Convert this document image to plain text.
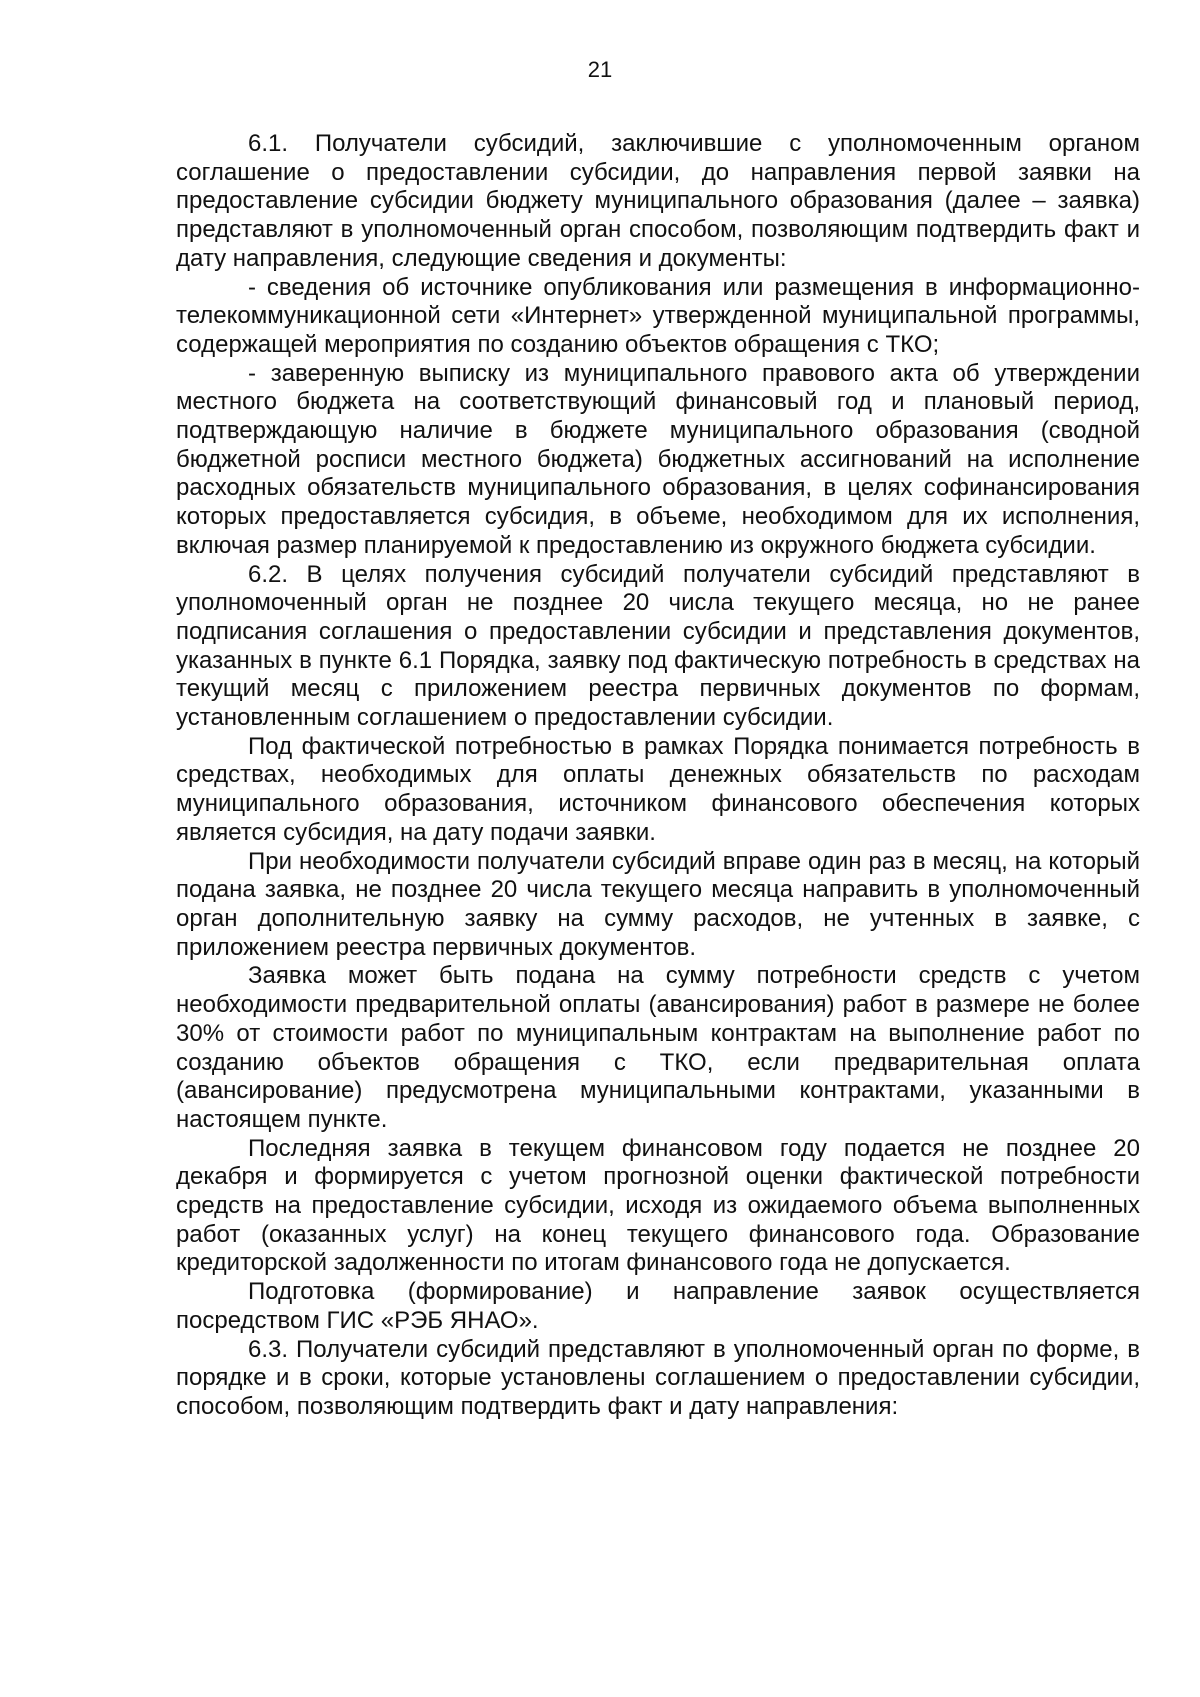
21

6.1. Получатели субсидий, заключившие с уполномоченным органом соглашение о предоставлении субсидии, до направления первой заявки на предоставление субсидии бюджету муниципального образования (далее – заявка) представляют в уполномоченный орган способом, позволяющим подтвердить факт и дату направления, следующие сведения и документы:

- сведения об источнике опубликования или размещения в информационно-телекоммуникационной сети «Интернет» утвержденной муниципальной программы, содержащей мероприятия по созданию объектов обращения с ТКО;

- заверенную выписку из муниципального правового акта об утверждении местного бюджета на соответствующий финансовый год и плановый период, подтверждающую наличие в бюджете муниципального образования (сводной бюджетной росписи местного бюджета) бюджетных ассигнований на исполнение расходных обязательств муниципального образования, в целях софинансирования которых предоставляется субсидия, в объеме, необходимом для их исполнения, включая размер планируемой к предоставлению из окружного бюджета субсидии.

6.2. В целях получения субсидий получатели субсидий представляют в уполномоченный орган не позднее 20 числа текущего месяца, но не ранее подписания соглашения о предоставлении субсидии и представления документов, указанных в пункте 6.1 Порядка, заявку под фактическую потребность в средствах на текущий месяц с приложением реестра первичных документов по формам, установленным соглашением о предоставлении субсидии.

Под фактической потребностью в рамках Порядка понимается потребность в средствах, необходимых для оплаты денежных обязательств по расходам муниципального образования, источником финансового обеспечения которых является субсидия, на дату подачи заявки.

При необходимости получатели субсидий вправе один раз в месяц, на который подана заявка, не позднее 20 числа текущего месяца направить в уполномоченный орган дополнительную заявку на сумму расходов, не учтенных в заявке, с приложением реестра первичных документов.

Заявка может быть подана на сумму потребности средств с учетом необходимости предварительной оплаты (авансирования) работ в размере не более 30% от стоимости работ по муниципальным контрактам на выполнение работ по созданию объектов обращения с ТКО, если предварительная оплата (авансирование) предусмотрена муниципальными контрактами, указанными в настоящем пункте.

Последняя заявка в текущем финансовом году подается не позднее 20 декабря и формируется с учетом прогнозной оценки фактической потребности средств на предоставление субсидии, исходя из ожидаемого объема выполненных работ (оказанных услуг) на конец текущего финансового года. Образование кредиторской задолженности по итогам финансового года не допускается.

Подготовка (формирование) и направление заявок осуществляется посредством ГИС «РЭБ ЯНАО».

6.3. Получатели субсидий представляют в уполномоченный орган по форме, в порядке и в сроки, которые установлены соглашением о предоставлении субсидии, способом, позволяющим подтвердить факт и дату направления:
